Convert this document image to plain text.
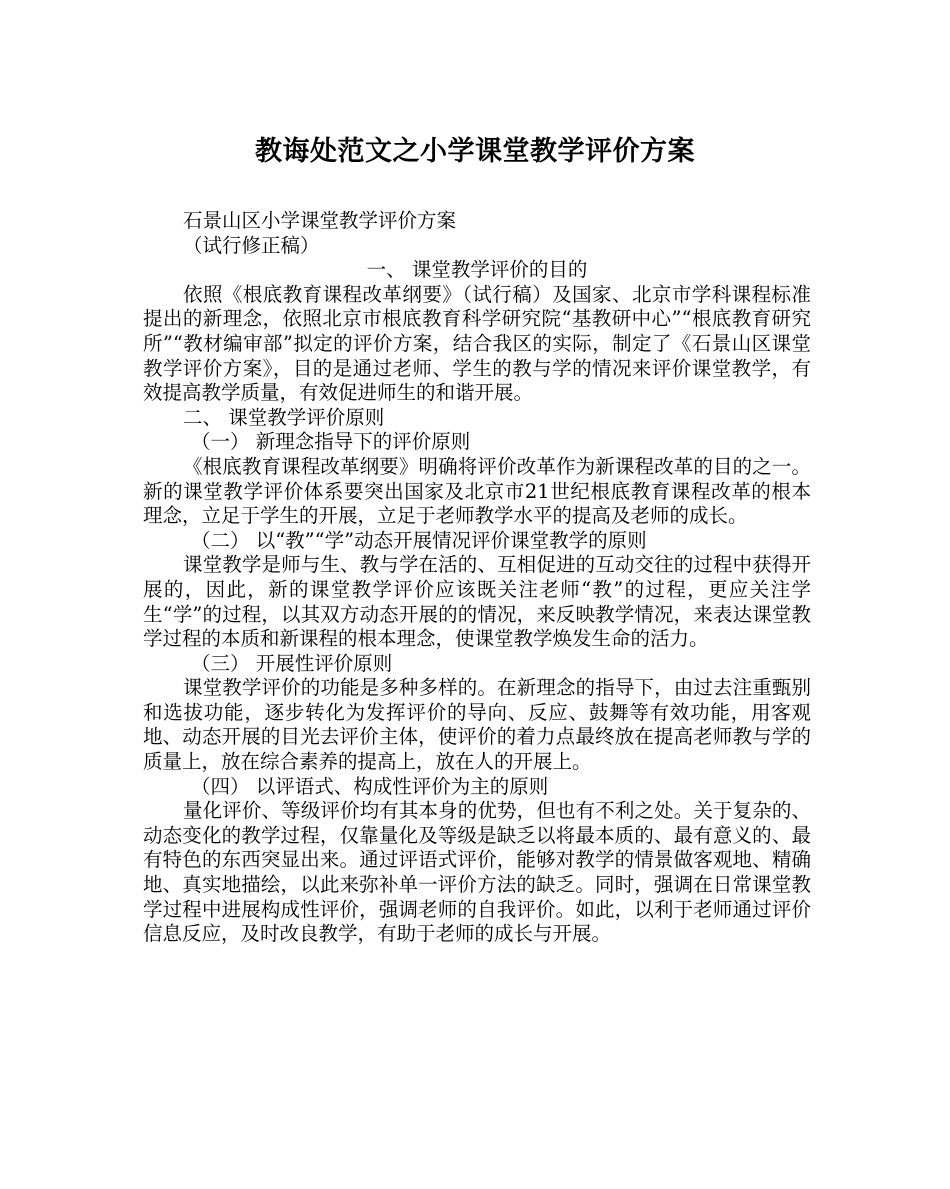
教诲处范文之小学课堂教学评价方案

石景山区小学课堂教学评价方案

（试行修正稿）

一、 课堂教学评价的目的

依照《根底教育课程改革纲要》（试行稿）及国家、北京市学科课程标准提出的新理念，依照北京市根底教育科学研究院“基教研中心”“根底教育研究所”“教材编审部”拟定的评价方案，结合我区的实际，制定了《石景山区课堂教学评价方案》，目的是通过老师、学生的教与学的情况来评价课堂教学，有效提高教学质量，有效促进师生的和谐开展。

二、 课堂教学评价原则

（一） 新理念指导下的评价原则

《根底教育课程改革纲要》明确将评价改革作为新课程改革的目的之一。新的课堂教学评价体系要突出国家及北京市21世纪根底教育课程改革的根本理念，立足于学生的开展，立足于老师教学水平的提高及老师的成长。

（二） 以“教”“学”动态开展情况评价课堂教学的原则

课堂教学是师与生、教与学在活的、互相促进的互动交往的过程中获得开展的，因此，新的课堂教学评价应该既关注老师“教”的过程，更应关注学生“学”的过程，以其双方动态开展的的情况，来反映教学情况，来表达课堂教学过程的本质和新课程的根本理念，使课堂教学焕发生命的活力。

（三） 开展性评价原则

课堂教学评价的功能是多种多样的。在新理念的指导下，由过去注重甄别和选拔功能，逐步转化为发挥评价的导向、反应、鼓舞等有效功能，用客观地、动态开展的目光去评价主体，使评价的着力点最终放在提高老师教与学的质量上，放在综合素养的提高上，放在人的开展上。

（四） 以评语式、构成性评价为主的原则

量化评价、等级评价均有其本身的优势，但也有不利之处。关于复杂的、动态变化的教学过程，仅靠量化及等级是缺乏以将最本质的、最有意义的、最有特色的东西突显出来。通过评语式评价，能够对教学的情景做客观地、精确地、真实地描绘，以此来弥补单一评价方法的缺乏。同时，强调在日常课堂教学过程中进展构成性评价，强调老师的自我评价。如此，以利于老师通过评价信息反应，及时改良教学，有助于老师的成长与开展。
